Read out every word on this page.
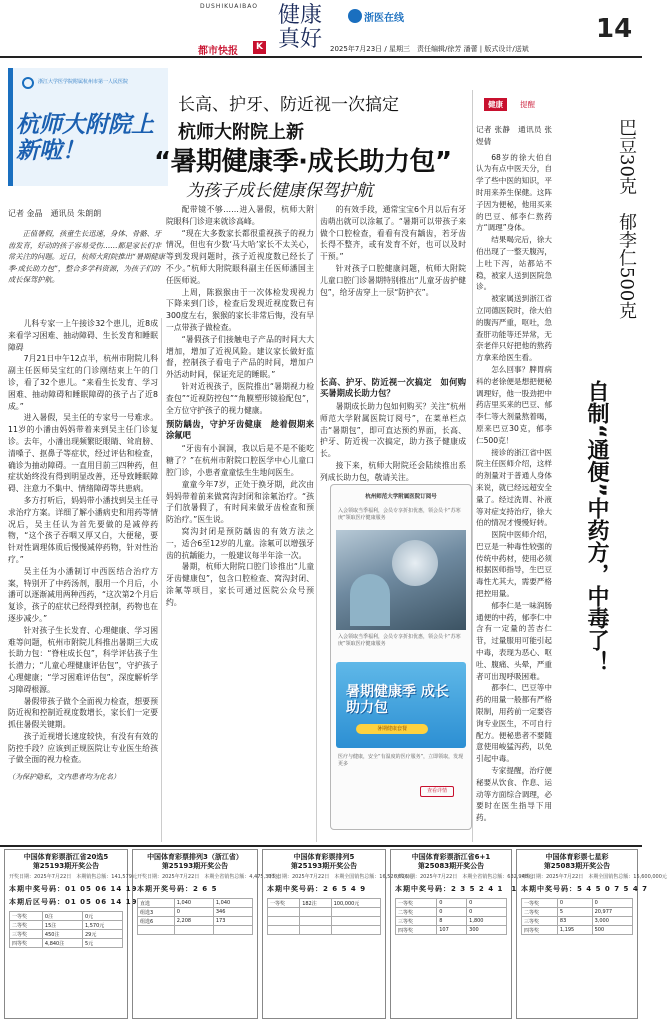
DUSHIKUAIBAO
都市快报	K
健康
真好
浙医在线
2025年7月23日 / 星期三　责任编辑/徐芳 潘蕾 | 版式设计/送斌
14
浙江大学医学院附属杭州市第一人民医院
杭师大附院上新啦！
长高、护牙、防近视一次搞定
杭师大附院上新
“暑期健康季·成长助力包”
为孩子成长健康保驾护航
记者 金晶　通讯员 朱朗朗
正值暑假，孩童生长迅速，身体、骨骼、牙齿发育，好动的孩子容易受伤……都是家长们非常关注的问题。近日，杭师大附院推出“暑期健康季·成长助力包”，整合多学科资源，为孩子们的成长保驾护航。

儿科专家一上午接诊32个患儿，近8成来看学习困难、抽动障碍、生长发育和睡眠障碍

7月21日中午12点半，杭州市附院儿科副主任医师吴宝红的门诊刚结束上午的门诊，看了32个患儿。“来看生长发育、学习困难、抽动障碍和睡眠障碍的孩子占了近8成。”

进入暑假，吴主任的专家号一号难求。11岁的小潘由妈妈带着来到吴主任门诊复诊。去年，小潘出现频繁眨眼睛、耸肩膀、清嗓子、抠鼻子等症状，经过评估和检查，确诊为抽动障碍。一直用目前三四种药，但症状始终没有得到明显改善，还导致睡眠障碍、注意力不集中、情绪障碍等共患病。

多方打听后，妈妈带小潘找到吴主任寻求治疗方案。详细了解小潘病史和用药等情况后，吴主任认为首先要做的是减停药物，“这个孩子吞咽又厚又白，大便秘，要针对性调理体质后慢慢减停药物，针对性治疗。”

吴主任为小潘制订中西医结合治疗方案，特别开了中药汤剂，服用一个月后，小潘可以逐渐减用两种西药，“这次第2个月后复诊，孩子的症状已经得到控制，药物也在逐步减少。”

针对孩子生长发育、心理健康、学习困难等问题，杭州市附院儿科推出暑期三大成长助力包：“脊柱成长包”，科学评估孩子生长潜力；“儿童心理健康评估包”，守护孩子心理健康；“学习困难评估包”，深度解析学习障碍根源。

暑假带孩子做个全面视力检查，想要预防近视和控制近视度数增长，家长们一定要抓住暑假关键期。

孩子近视增长速度较快，有没有有效的防控手段？应该到正规医院让专业医生给孩子做全面的视力检查。

（为保护隐私，文内患者均为化名）

配带镜不够……进入暑假，杭师大附院眼科门诊迎来就诊高峰。

“现在大多数家长都很重视孩子的视力情况，但也有少数‘马大哈’家长不太关心，等到发现问题时，孩子近视度数已经长了不少。”杭师大附院眼科副主任医师潘国主任医师说。

上周，陈猴猴由于一次体检发现视力下降来到门诊，检查后发现近视度数已有300度左右，猴猴的家长非常后悔，没有早一点带孩子做检查。

“暑假孩子们接触电子产品的时间大大增加，增加了近视风险。建议家长做好监督，控制孩子看电子产品的时间，增加户外活动时间，保证充足的睡眠。”

针对近视孩子，医院推出“暑期视力检查包”“近视防控包”“角膜塑形镜验配包”，全方位守护孩子的视力健康。

预防龋齿，守护牙齿健康　趁着假期来涂氟吧

“牙齿有小洞洞，我以后是不是不能吃糖了？”在杭州市附院口腔医学中心儿童口腔门诊，小患者童童怯生生地问医生。

童童今年7岁，正处于换牙期，此次由妈妈带着前来做窝沟封闭和涂氟治疗。“孩子们放暑假了，有时间来做牙齿检查和预防治疗。”医生说。

窝沟封闭是预防龋齿的有效方法之一，适合6至12岁的儿童。涂氟可以增强牙齿的抗龋能力，一般建议每半年涂一次。

暑期，杭师大附院口腔门诊推出“儿童牙齿健康包”，包含口腔检查、窝沟封闭、涂氟等项目，家长可通过医院公众号预约。

的有效手段，通常宝宝6个月以后有牙齿萌出就可以涂氟了。“暑期可以带孩子来做个口腔检查，看看有没有龋齿，若牙齿长得不整齐，或有发育不好，也可以及时干预。”

针对孩子口腔健康问题，杭师大附院儿童口腔门诊暑期特别推出“儿童牙齿护健包”，给牙齿穿上一层“防护衣”。

长高、护牙、防近视一次搞定　如何购买暑期成长助力包？

暑期成长助力包如何购买？关注“杭州师范大学附属医院订阅号”，在菜单栏点击“暑期包”，即可直达预约界面，长高、护牙、防近视一次搞定，助力孩子健康成长。

接下来，杭师大附院还会陆续推出系列成长助力包，敬请关注。

杭州师范大学附属医院订阅号
入会领取当季福利，会员专享折扣优惠，领会员卡“苏寒庚”领取医疗健康服务
入会领取当季福利，会员专享折扣优惠，领会员卡“苏寒庚”领取医疗健康服务
暑期健康季 成长助力包
暑期健康套餐
医疗与健康，安全“有温度的医疗服务”，立即领取，发现更多
查看详情
健康	提醒
巴豆30克　郁李仁500克
自制“通便”中药方，中毒了！

记者 张静　通讯员 张煜倩

68岁的徐大伯自认为有点中医天分，自学了些中医的知识，平时用来养生保健。这阵子因为便秘，他用买来的巴豆、郁李仁熬药方“调理”身体。

结果喝完后，徐大伯出现了一整天腹泻，上吐下泻，站都站不稳，被家人送到医院急诊。

被家属送到浙江省立同德医院时，徐大伯的腹泻严重，呕吐，急查肝功能等还异常，无奈老伴只好把他的熬药方拿来给医生看。

怎么回事？脾胃病科的老徐便是想把便秘调理好，他一股劲把中药店里买来的巴豆、郁李仁等大剂量熬着喝，原来巴豆30克，郁李仁500克！

接诊的浙江省中医院主任医师介绍，这样的剂量对于普通人身体来说，就已经远超安全量了。经过洗胃、补液等对症支持治疗，徐大伯的情况才慢慢好转。

医院中医师介绍，巴豆是一种毒性较强的传统中药材，使用必须根据医师指导，生巴豆毒性尤其大，需要严格把控用量。

郁李仁是一味润肠通便的中药，郁李仁中含有一定量的苦杏仁苷，过量服用可能引起中毒，表现为恶心、呕吐、腹痛、头晕，严重者可出现呼吸困难。

都李仁、巴豆等中药的用量一般都有严格限制，用药前一定要咨询专业医生，不可自行配方。便秘患者不要随意使用峻猛泻药，以免引起中毒。

专家提醒，治疗便秘要从饮食、作息、运动等方面综合调理，必要时在医生指导下用药。

中国体育彩票浙江省20选5
第25193期开奖公告
开奖日期：2025年7月22日　本期销售总额：141,579元
本期中奖号码：01 05 06 14 19
本期后区号码：01 05 06 14 19
一等奖	0注	0元
二等奖	15注	1,570元
三等奖	450注	29元
四等奖	4,840注	5元
中国体育彩票排列3（浙江省）
第25193期开奖公告
开奖日期：2025年7月22日　本期全省销售总额：4,475,303元
本期开奖号码：2 6 5
直选	1,040	1,040
组选3	0	346
组选6	2,208	173

中国体育彩票排列5
第25193期开奖公告
开奖日期：2025年7月22日　本期全国销售总额：16,526,616元
本期中奖号码：2 6 5 4 9
一等奖	182注	100,000元

中国体育彩票浙江省6+1
第25083期开奖公告
开奖日期：2025年7月22日　本期全省销售总额：632,948元
本期中奖号码：2 3 5 2 4 1　1
一等奖	0	0
二等奖	0	0
三等奖	8	1,800
四等奖	107	300
中国体育彩票七星彩
第25083期开奖公告
开奖日期：2025年7月22日　本期全国销售总额：15,600,000元
本期中奖号码：5 4 5 0 7 5 4 7
一等奖	0	0
二等奖	5	20,977
三等奖	83	3,000
四等奖	1,195	500
